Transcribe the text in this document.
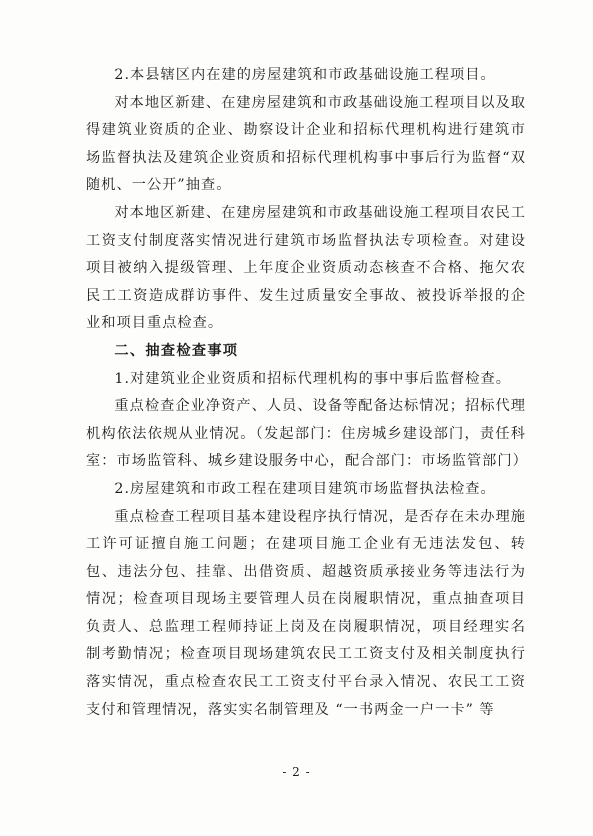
2.本县辖区内在建的房屋建筑和市政基础设施工程项目。

对本地区新建、在建房屋建筑和市政基础设施工程项目以及取得建筑业资质的企业、勘察设计企业和招标代理机构进行建筑市场监督执法及建筑企业资质和招标代理机构事中事后行为监督“双随机、一公开”抽查。

对本地区新建、在建房屋建筑和市政基础设施工程项目农民工工资支付制度落实情况进行建筑市场监督执法专项检查。对建设项目被纳入提级管理、上年度企业资质动态核查不合格、拖欠农民工工资造成群访事件、发生过质量安全事故、被投诉举报的企业和项目重点检查。

二、抽查检查事项

1.对建筑业企业资质和招标代理机构的事中事后监督检查。

重点检查企业净资产、人员、设备等配备达标情况；招标代理机构依法依规从业情况。（发起部门：住房城乡建设部门，责任科室：市场监管科、城乡建设服务中心，配合部门：市场监管部门）

2.房屋建筑和市政工程在建项目建筑市场监督执法检查。

重点检查工程项目基本建设程序执行情况，是否存在未办理施工许可证擅自施工问题；在建项目施工企业有无违法发包、转包、违法分包、挂靠、出借资质、超越资质承接业务等违法行为情况；检查项目现场主要管理人员在岗履职情况，重点抽查项目负责人、总监理工程师持证上岗及在岗履职情况，项目经理实名制考勤情况；检查项目现场建筑农民工工资支付及相关制度执行落实情况，重点检查农民工工资支付平台录入情况、农民工工资支付和管理情况，落实实名制管理及 “一书两金一户一卡” 等

- 2 -
